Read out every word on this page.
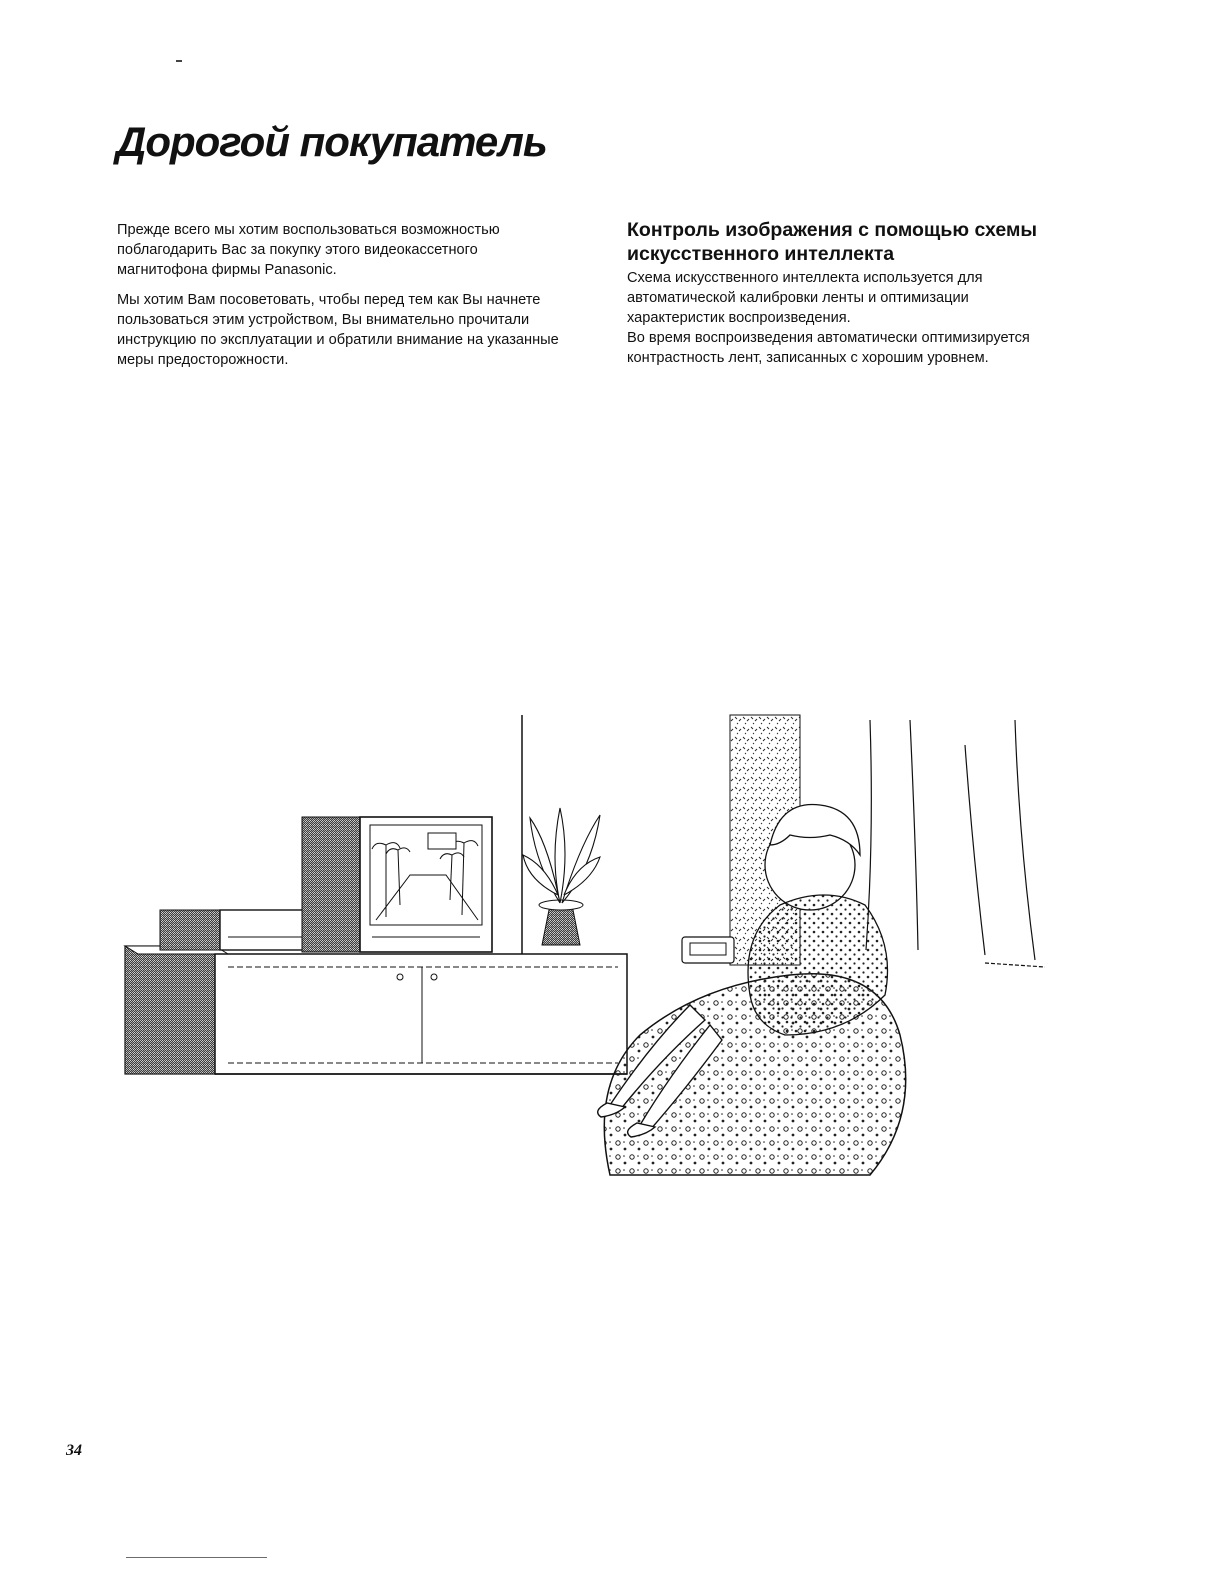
Дорогой покупатель

Прежде всего мы хотим воспользоваться возможностью поблагодарить Вас за покупку этого видеокассетного магнитофона фирмы Panasonic.

Мы хотим Вам посоветовать, чтобы перед тем как Вы начнете пользоваться этим устройством, Вы внимательно прочитали инструкцию по эксплуатации и обратили внимание на указанные меры предосторожности.

Контроль изображения с помощью схемы искусственного интеллекта

Схема искусственного интеллекта используется для автоматической калибровки ленты и оптимизации характеристик воспроизведения.

Во время воспроизведения автоматически оптимизируется контрастность лент, записанных с хорошим уровнем.

34
